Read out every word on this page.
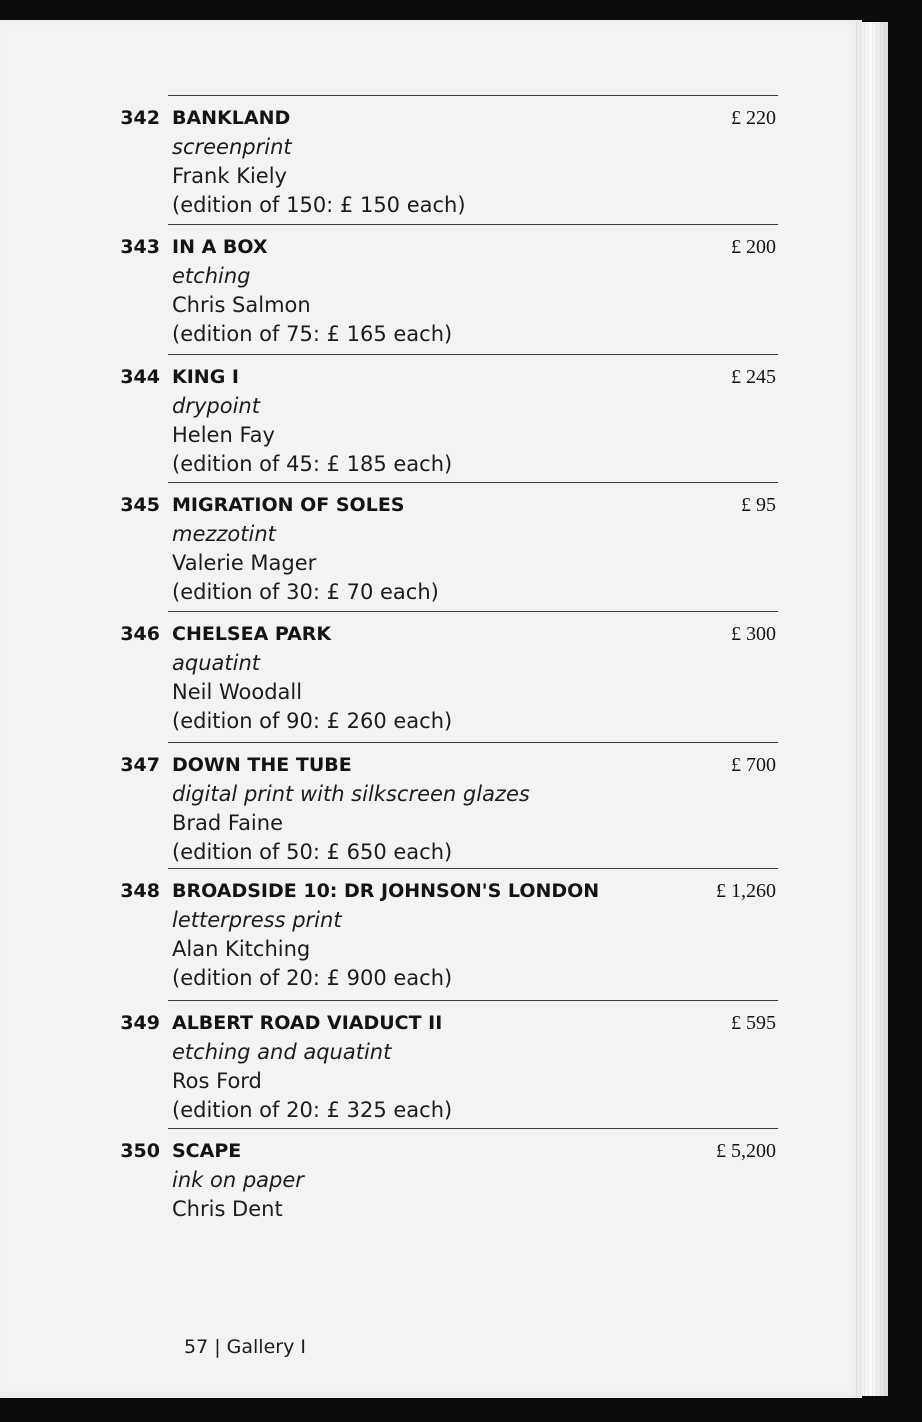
342 BANKLAND
screenprint
Frank Kiely
(edition of 150: £ 150 each)
£ 220
343 IN A BOX
etching
Chris Salmon
(edition of 75: £ 165 each)
£ 200
344 KING I
drypoint
Helen Fay
(edition of 45: £ 185 each)
£ 245
345 MIGRATION OF SOLES
mezzotint
Valerie Mager
(edition of 30: £ 70 each)
£ 95
346 CHELSEA PARK
aquatint
Neil Woodall
(edition of 90: £ 260 each)
£ 300
347 DOWN THE TUBE
digital print with silkscreen glazes
Brad Faine
(edition of 50: £ 650 each)
£ 700
348 BROADSIDE 10: DR JOHNSON'S LONDON
letterpress print
Alan Kitching
(edition of 20: £ 900 each)
£ 1,260
349 ALBERT ROAD VIADUCT II
etching and aquatint
Ros Ford
(edition of 20: £ 325 each)
£ 595
350 SCAPE
ink on paper
Chris Dent
£ 5,200
57 | Gallery I
